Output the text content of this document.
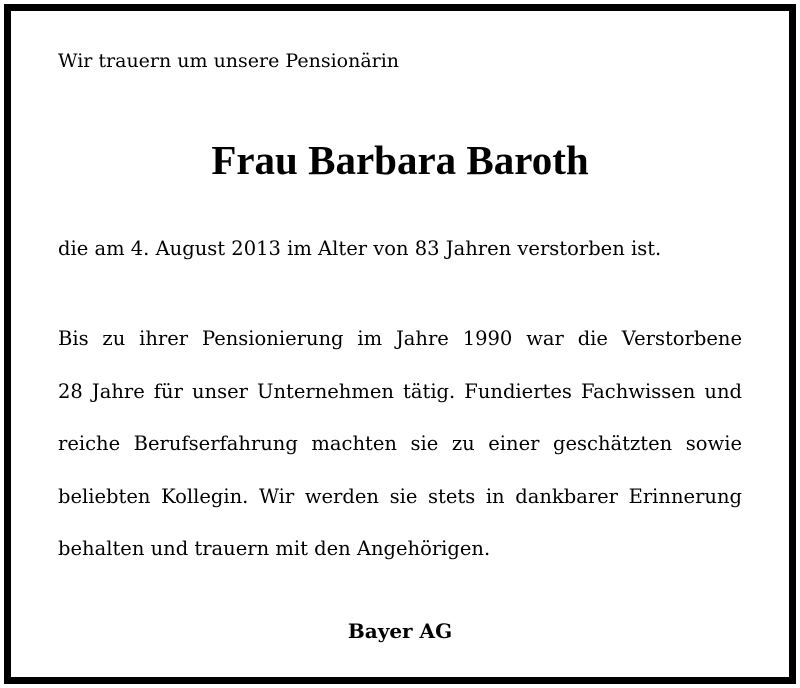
Wir trauern um unsere Pensionärin
Frau Barbara Baroth
die am 4. August 2013 im Alter von 83 Jahren verstorben ist.
Bis zu ihrer Pensionierung im Jahre 1990 war die Verstorbene
28 Jahre für unser Unternehmen tätig. Fundiertes Fachwissen und
reiche Berufserfahrung machten sie zu einer geschätzten sowie
beliebten Kollegin. Wir werden sie stets in dankbarer Erinnerung
behalten und trauern mit den Angehörigen.
Bayer AG
